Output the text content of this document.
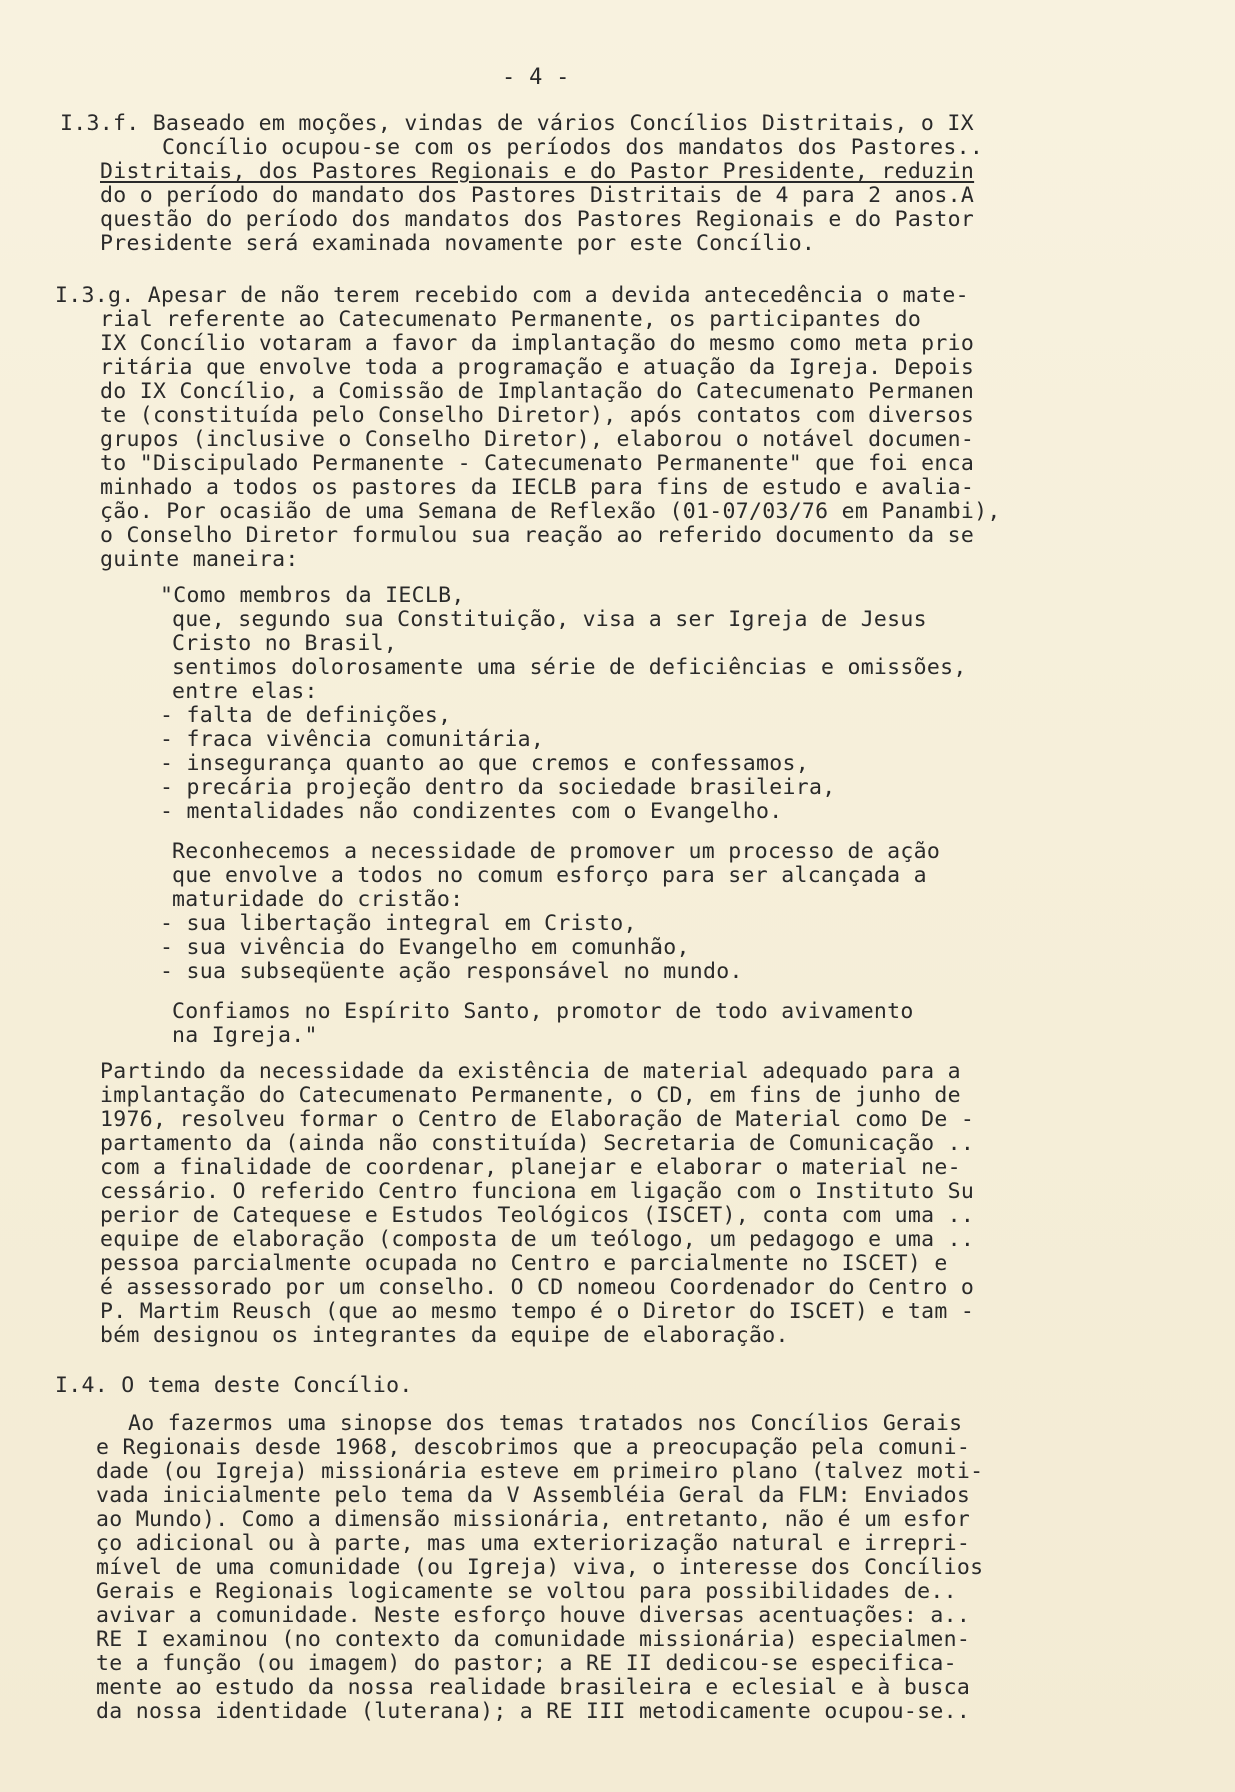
- 4 -
I.3.f. Baseado em moções, vindas de vários Concílios Distritais, o IX
Concílio ocupou-se com os períodos dos mandatos dos Pastores..
Distritais, dos Pastores Regionais e do Pastor Presidente, reduzin
do o período do mandato dos Pastores Distritais de 4 para 2 anos.A
questão do período dos mandatos dos Pastores Regionais e do Pastor
Presidente será examinada novamente por este Concílio.
I.3.g. Apesar de não terem recebido com a devida antecedência o mate-
rial referente ao Catecumenato Permanente, os participantes do
IX Concílio votaram a favor da implantação do mesmo como meta prio
ritária que envolve toda a programação e atuação da Igreja. Depois
do IX Concílio, a Comissão de Implantação do Catecumenato Permanen
te (constituída pelo Conselho Diretor), após contatos com diversos
grupos (inclusive o Conselho Diretor), elaborou o notável documen-
to "Discipulado Permanente - Catecumenato Permanente" que foi enca
minhado a todos os pastores da IECLB para fins de estudo e avalia-
ção. Por ocasião de uma Semana de Reflexão (01-07/03/76 em Panambi),
o Conselho Diretor formulou sua reação ao referido documento da se
guinte maneira:
"Como membros da IECLB,
que, segundo sua Constituição, visa a ser Igreja de Jesus
Cristo no Brasil,
sentimos dolorosamente uma série de deficiências e omissões,
entre elas:
- falta de definições,
- fraca vivência comunitária,
- insegurança quanto ao que cremos e confessamos,
- precária projeção dentro da sociedade brasileira,
- mentalidades não condizentes com o Evangelho.
Reconhecemos a necessidade de promover um processo de ação
que envolve a todos no comum esforço para ser alcançada a
maturidade do cristão:
- sua libertação integral em Cristo,
- sua vivência do Evangelho em comunhão,
- sua subseqüente ação responsável no mundo.
Confiamos no Espírito Santo, promotor de todo avivamento
na Igreja."
Partindo da necessidade da existência de material adequado para a
implantação do Catecumenato Permanente, o CD, em fins de junho de
1976, resolveu formar o Centro de Elaboração de Material como De -
partamento da (ainda não constituída) Secretaria de Comunicação ..
com a finalidade de coordenar, planejar e elaborar o material ne-
cessário. O referido Centro funciona em ligação com o Instituto Su
perior de Catequese e Estudos Teológicos (ISCET), conta com uma ..
equipe de elaboração (composta de um teólogo, um pedagogo e uma ..
pessoa parcialmente ocupada no Centro e parcialmente no ISCET) e
é assessorado por um conselho. O CD nomeou Coordenador do Centro o
P. Martim Reusch (que ao mesmo tempo é o Diretor do ISCET) e tam -
bém designou os integrantes da equipe de elaboração.
I.4. O tema deste Concílio.
Ao fazermos uma sinopse dos temas tratados nos Concílios Gerais
e Regionais desde 1968, descobrimos que a preocupação pela comuni-
dade (ou Igreja) missionária esteve em primeiro plano (talvez moti-
vada inicialmente pelo tema da V Assembléia Geral da FLM: Enviados
ao Mundo). Como a dimensão missionária, entretanto, não é um esfor
ço adicional ou à parte, mas uma exteriorização natural e irrepri-
mível de uma comunidade (ou Igreja) viva, o interesse dos Concílios
Gerais e Regionais logicamente se voltou para possibilidades de..
avivar a comunidade. Neste esforço houve diversas acentuações: a..
RE I examinou (no contexto da comunidade missionária) especialmen-
te a função (ou imagem) do pastor; a RE II dedicou-se especifica-
mente ao estudo da nossa realidade brasileira e eclesial e à busca
da nossa identidade (luterana); a RE III metodicamente ocupou-se..
